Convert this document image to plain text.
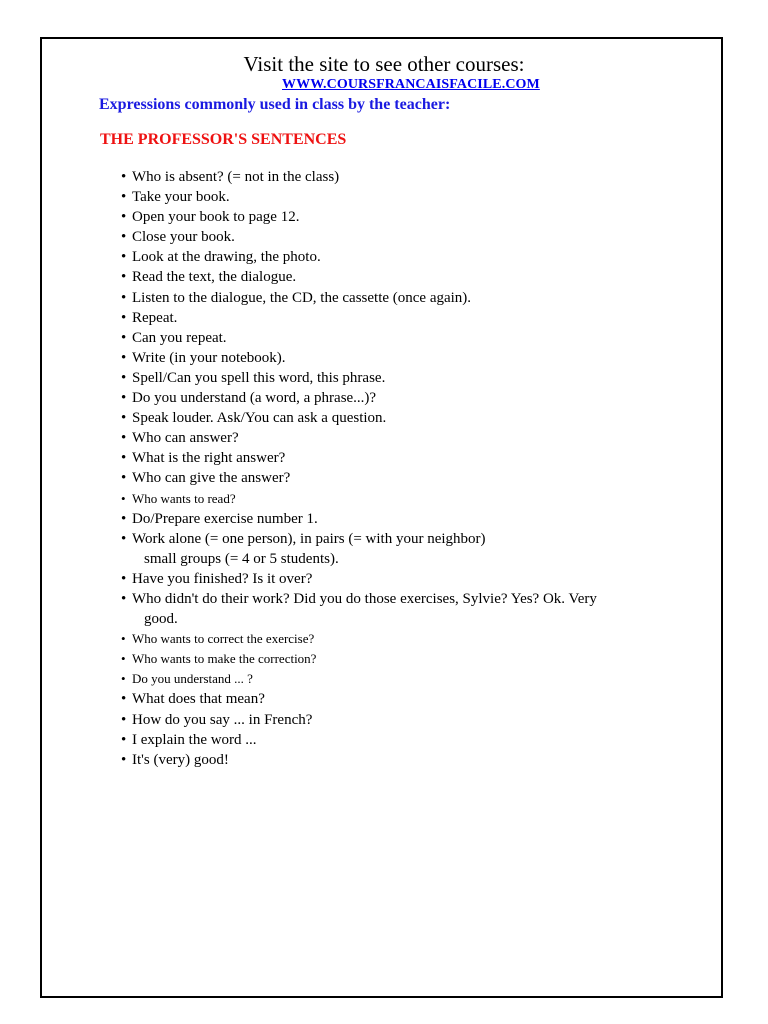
Visit the site to see other courses:
WWW.COURSFRANCAISFACILE.COM
Expressions commonly used in class by the teacher:
THE PROFESSOR'S SENTENCES
• Who is absent? (= not in the class)
• Take your book.
• Open your book to page 12.
• Close your book.
• Look at the drawing, the photo.
• Read the text, the dialogue.
• Listen to the dialogue, the CD, the cassette (once again).
• Repeat.
• Can you repeat.
• Write (in your notebook).
• Spell/Can you spell this word, this phrase.
• Do you understand (a word, a phrase...)?
• Speak louder. Ask/You can ask a question.
• Who can answer?
• What is the right answer?
• Who can give the answer?
• Who wants to read?
• Do/Prepare exercise number 1.
• Work alone (= one person), in pairs (= with your neighbor)
small groups (= 4 or 5 students).
• Have you finished? Is it over?
• Who didn't do their work? Did you do those exercises, Sylvie? Yes? Ok. Very
good.
• Who wants to correct the exercise?
• Who wants to make the correction?
• Do you understand ... ?
• What does that mean?
• How do you say ... in French?
• I explain the word ...
• It's (very) good!
